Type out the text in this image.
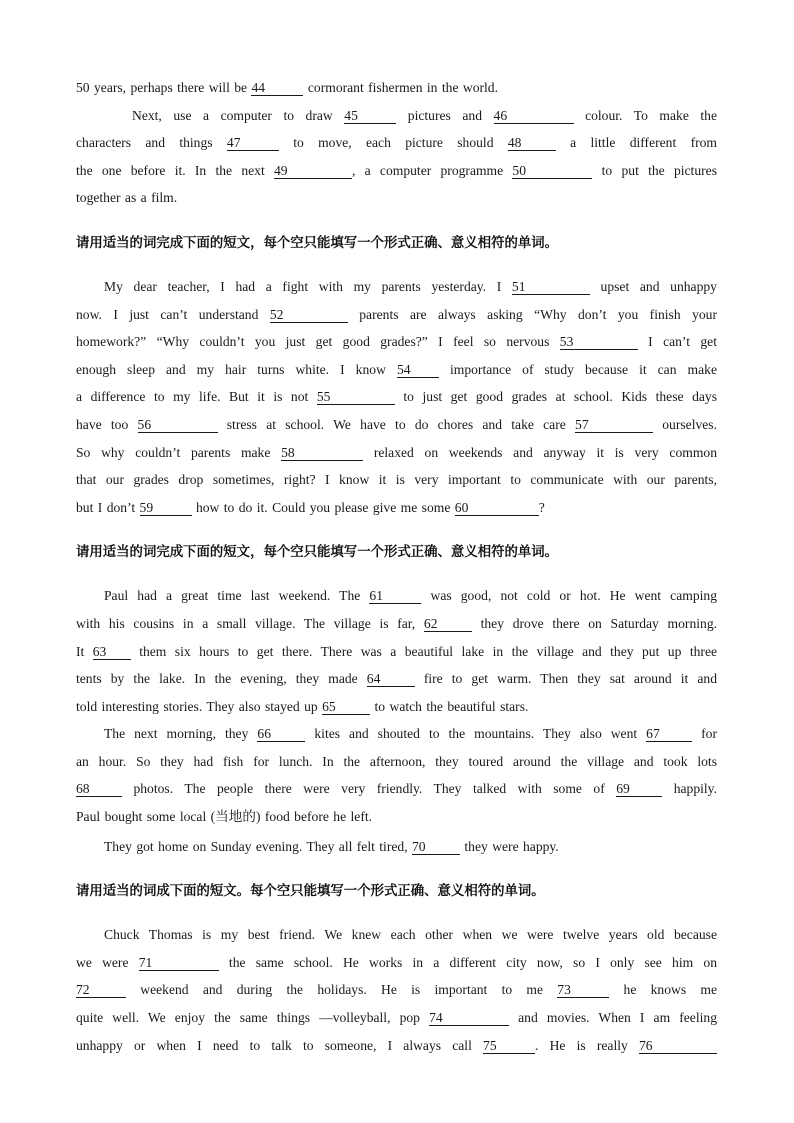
50 years, perhaps there will be 44	cormorant fishermen in the world.
Next, use a computer to draw 45	pictures and 46	colour. To make the
characters and things 47	to move, each picture should 48	a little different from
the one before it. In the next 49	, a computer programme 50	to put the pictures
together as a film.

请用适当的词完成下面的短文，每个空只能填写一个形式正确、意义相符的单词。

My dear teacher, I had a fight with my parents yesterday. I 51	upset and unhappy
now. I just can’t understand 52	parents are always asking “Why don’t you finish your
homework?” “Why couldn’t you just get good grades?” I feel so nervous 53	I can’t get
enough sleep and my hair turns white. I know 54 importance of study because it can make
a difference to my life. But it is not 55	to just get good grades at school. Kids these days
have too 56	stress at school. We have to do chores and take care 57	ourselves.
So why couldn’t parents make 58	relaxed on weekends and anyway it is very common
that our grades drop sometimes, right? I know it is very important to communicate with our parents,
but I don’t 59	how to do it. Could you please give me some 60	?

请用适当的词完成下面的短文，每个空只能填写一个形式正确、意义相符的单词。

Paul had a great time last weekend. The 61	was good, not cold or hot. He went camping
with his cousins in a small village. The village is far, 62	they drove there on Saturday morning.
It 63 them six hours to get there. There was a beautiful lake in the village and they put up three
tents by the lake. In the evening, they made 64	fire to get warm. Then they sat around it and
told interesting stories. They also stayed up 65	to watch the beautiful stars.
The next morning, they 66	kites and shouted to the mountains. They also went 67 for
an hour. So they had fish for lunch. In the afternoon, they toured around the village and took lots
68 photos. The people there were very friendly. They talked with some of 69 happily.
Paul bought some local (当地的) food before he left.
They got home on Sunday evening. They all felt tired, 70	they were happy.

请用适当的词成下面的短文。每个空只能填写一个形式正确、意义相符的单词。

Chuck Thomas is my best friend. We knew each other when we were twelve years old because
we were 71	the same school. He works in a different city now, so I only see him on
72	weekend and during the holidays. He is important to me 73	he knows me
quite well. We enjoy the same things —volleyball, pop 74	and movies. When I am feeling
unhappy or when I need to talk to someone, I always call 75	. He is really 76
